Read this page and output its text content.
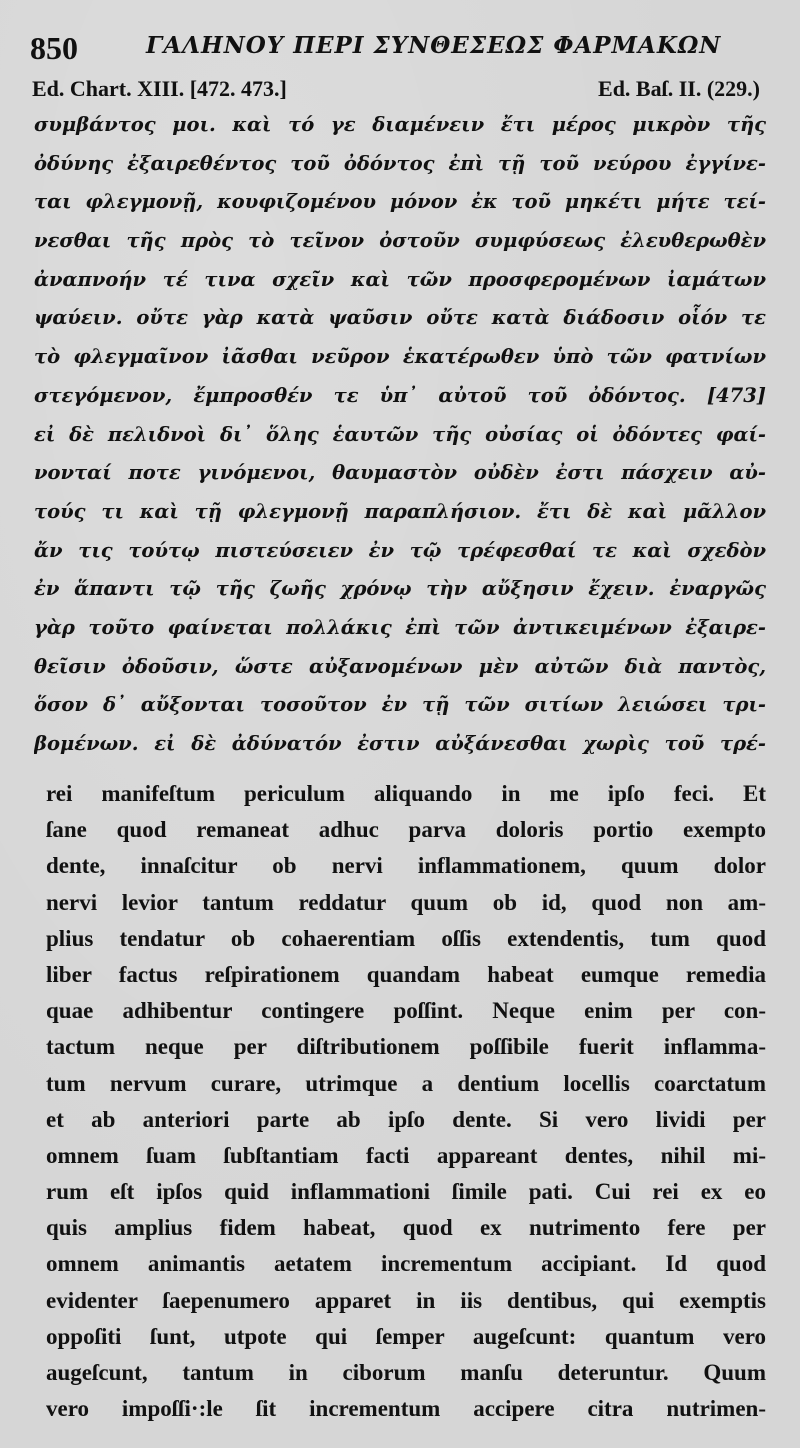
850	ΓΑΛΗΝΟΥ ΠΕΡΙ ΣΥΝΘΕΣΕΩΣ ΦΑΡΜΑΚΩΝ
Ed. Chart. XIII. [472. 473.]	Ed. Baſ. II. (229.)
συμβάντος μοι. καὶ τό γε διαμένειν ἔτι μέρος μικρὸν τῆς
ὀδύνης ἐξαιρεθέντος τοῦ ὀδόντος ἐπὶ τῇ τοῦ νεύρου ἐγγίνε-
ται φλεγμονῇ, κουφιζομένου μόνον ἐκ τοῦ μηκέτι μήτε τεί-
νεσθαι τῆς πρὸς τὸ τεῖνον ὀστοῦν συμφύσεως ἐλευθερωθὲν
ἀναπνοήν τέ τινα σχεῖν καὶ τῶν προσφερομένων ἰαμάτων
ψαύειν. οὔτε γὰρ κατὰ ψαῦσιν οὔτε κατὰ διάδοσιν οἷόν τε
τὸ φλεγμαῖνον ἰᾶσθαι νεῦρον ἑκατέρωθεν ὑπὸ τῶν φατνίων
στεγόμενον, ἔμπροσθέν τε ὑπ᾽ αὐτοῦ τοῦ ὀδόντος. [473]
εἰ δὲ πελιδνοὶ δι᾽ ὅλης ἑαυτῶν τῆς οὐσίας οἱ ὀδόντες φαί-
νονταί ποτε γινόμενοι, θαυμαστὸν οὐδὲν ἐστι πάσχειν αὐ-
τούς τι καὶ τῇ φλεγμονῇ παραπλήσιον. ἔτι δὲ καὶ μᾶλλον
ἄν τις τούτῳ πιστεύσειεν ἐν τῷ τρέφεσθαί τε καὶ σχεδὸν
ἐν ἅπαντι τῷ τῆς ζωῆς χρόνῳ τὴν αὔξησιν ἔχειν. ἐναργῶς
γὰρ τοῦτο φαίνεται πολλάκις ἐπὶ τῶν ἀντικειμένων ἐξαιρε-
θεῖσιν ὀδοῦσιν, ὥστε αὐξανομένων μὲν αὐτῶν διὰ παντὸς,
ὅσον δ᾽ αὔξονται τοσοῦτον ἐν τῇ τῶν σιτίων λειώσει τρι-
βομένων. εἰ δὲ ἀδύνατόν ἐστιν αὐξάνεσθαι χωρὶς τοῦ τρέ-
rei manifeſtum periculum aliquando in me ipſo feci. Et
ſane quod remaneat adhuc parva doloris portio exempto
dente, innaſcitur ob nervi inflammationem, quum dolor
nervi levior tantum reddatur quum ob id, quod non am-
plius tendatur ob cohaerentiam oſſis extendentis, tum quod
liber factus reſpirationem quandam habeat eumque remedia
quae adhibentur contingere poſſint. Neque enim per con-
tactum neque per diſtributionem poſſibile fuerit inflamma-
tum nervum curare, utrimque a dentium locellis coarctatum
et ab anteriori parte ab ipſo dente. Si vero lividi per
omnem ſuam ſubſtantiam facti appareant dentes, nihil mi-
rum eſt ipſos quid inflammationi ſimile pati. Cui rei ex eo
quis amplius fidem habeat, quod ex nutrimento fere per
omnem animantis aetatem incrementum accipiant. Id quod
evidenter ſaepenumero apparet in iis dentibus, qui exemptis
oppoſiti ſunt, utpote qui ſemper augeſcunt: quantum vero
augeſcunt, tantum in ciborum manſu deteruntur. Quum
vero impoſſi·:le ſit incrementum accipere citra nutrimen-
